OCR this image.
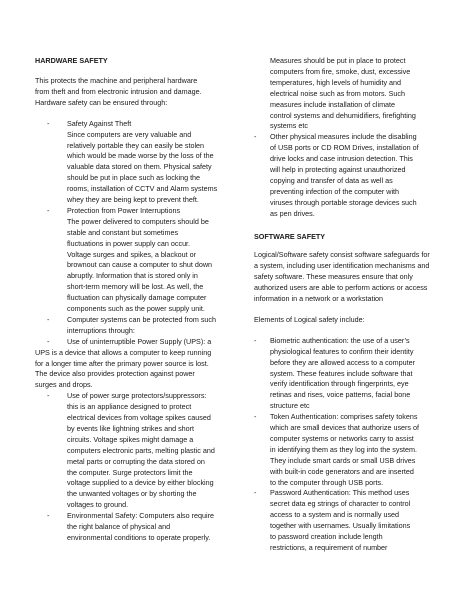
HARDWARE SAFETY
This protects the machine and peripheral hardware
from theft and from electronic intrusion and damage.
Hardware safety can be ensured through:
-	Safety Against Theft
Since computers are very valuable and
relatively portable they can easily be stolen
which would be made worse by the loss of the
valuable data stored on them. Physical safety
should be put in place such as locking the
rooms, installation of CCTV and Alarm systems
whey they are being kept to prevent theft.
-	Protection from Power Interruptions
The power delivered to computers should be
stable and constant but sometimes
fluctuations in power supply can occur.
Voltage surges and spikes, a blackout or
brownout can cause a computer to shut down
abruptly. Information that is stored only in
short-term memory will be lost. As well, the
fluctuation can physically damage computer
components such as the power supply unit.
-	Computer systems can be protected from such
interruptions through:
-	Use of uninterruptible Power Supply (UPS): a
UPS is a device that allows a computer to keep running
for a longer time after the primary power source is lost.
The device also provides protection against power
surges and drops.
-	Use of power surge protectors/suppressors:
this is an appliance designed to protect
electrical devices from voltage spikes caused
by events like lightning strikes and short
circuits. Voltage spikes might damage a
computers electronic parts, melting plastic and
metal parts or corrupting the data stored on
the computer. Surge protectors limit the
voltage supplied to a device by either blocking
the unwanted voltages or by shorting the
voltages to ground.
-	Environmental Safety: Computers also require
the right balance of physical and
environmental conditions to operate properly.
Measures should be put in place to protect
computers from fire, smoke, dust, excessive
temperatures, high levels of humidity and
electrical noise such as from motors. Such
measures include installation of climate
control systems and dehumidifiers, firefighting
systems etc
-	Other physical measures include the disabling
of USB ports or CD ROM Drives, installation of
drive locks and case intrusion detection. This
will help in protecting against unauthorized
copying and transfer of data as well as
preventing infection of the computer with
viruses through portable storage devices such
as pen drives.
SOFTWARE SAFETY
Logical/Software safety consist software safeguards for
a system, including user identification mechanisms and
safety software. These measures ensure that only
authorized users are able to perform actions or access
information in a network or a workstation
Elements of Logical safety include:
-	Biometric authentication: the use of a user’s
physiological features to confirm their identity
before they are allowed access to a computer
system. These features include software that
verify identification through fingerprints, eye
retinas and rises, voice patterns, facial bone
structure etc
-	Token Authentication: comprises safety tokens
which are small devices that authorize users of
computer systems or networks carry to assist
in identifying them as they log into the system.
They include smart cards or small USB drives
with built-in code generators and are inserted
to the computer through USB ports.
-	Password Authentication: This method uses
secret data eg strings of character to control
access to a system and is normally used
together with usernames. Usually limitations
to password creation include length
restrictions, a requirement of number
